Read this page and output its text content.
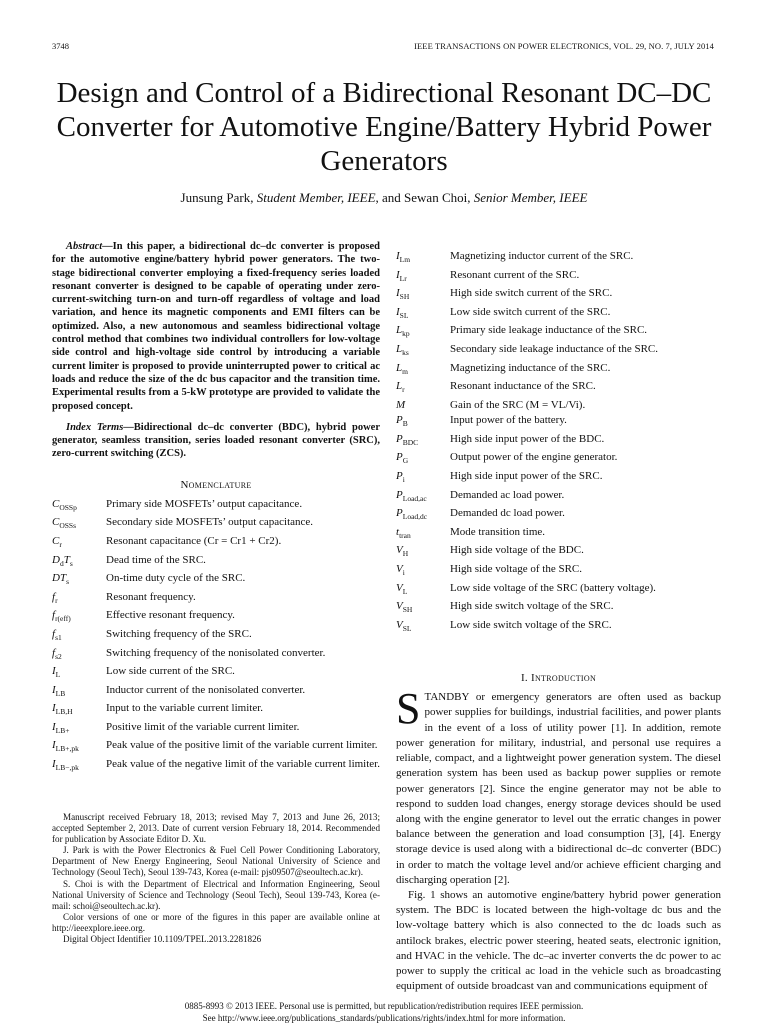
3748	IEEE TRANSACTIONS ON POWER ELECTRONICS, VOL. 29, NO. 7, JULY 2014
Design and Control of a Bidirectional Resonant DC–DC Converter for Automotive Engine/Battery Hybrid Power Generators
Junsung Park, Student Member, IEEE, and Sewan Choi, Senior Member, IEEE

Abstract—In this paper, a bidirectional dc–dc converter is proposed for the automotive engine/battery hybrid power generators. The two-stage bidirectional converter employing a fixed-frequency series loaded resonant converter is designed to be capable of operating under zero-current-switching turn-on and turn-off regardless of voltage and load variation, and hence its magnetic components and EMI filters can be optimized. Also, a new autonomous and seamless bidirectional voltage control method that combines two individual controllers for low-voltage side control and high-voltage side control by introducing a variable current limiter is proposed to provide uninterrupted power to critical ac loads and reduce the size of the dc bus capacitor and the transition time. Experimental results from a 5-kW prototype are provided to validate the proposed concept.

Index Terms—Bidirectional dc–dc converter (BDC), hybrid power generator, seamless transition, series loaded resonant converter (SRC), zero-current switching (ZCS).

Nomenclature
$C_{OSSp}$	Primary side MOSFETs’ output capacitance.
$C_{OSSs}$	Secondary side MOSFETs’ output capacitance.
$C_r$	Resonant capacitance (Cr = Cr1 + Cr2).
$D_dT_s$	Dead time of the SRC.
$DT_s$	On-time duty cycle of the SRC.
$f_r$	Resonant frequency.
$f_{r(eff)}$	Effective resonant frequency.
$f_{s1}$	Switching frequency of the SRC.
$f_{s2}$	Switching frequency of the nonisolated converter.
$I_L$	Low side current of the SRC.
$I_{LB}$	Inductor current of the nonisolated converter.
$I_{LB,H}$	Input to the variable current limiter.
$I_{LB+}$	Positive limit of the variable current limiter.
$I_{LB+,pk}$	Peak value of the positive limit of the variable current limiter.
$I_{LB-,pk}$	Peak value of the negative limit of the variable current limiter.

Manuscript received February 18, 2013; revised May 7, 2013 and June 26, 2013; accepted September 2, 2013. Date of current version February 18, 2014. Recommended for publication by Associate Editor D. Xu.

J. Park is with the Power Electronics & Fuel Cell Power Conditioning Laboratory, Department of New Energy Engineering, Seoul National University of Science and Technology (Seoul Tech), Seoul 139-743, Korea (e-mail: pjs09507@seoultech.ac.kr).

S. Choi is with the Department of Electrical and Information Engineering, Seoul National University of Science and Technology (Seoul Tech), Seoul 139-743, Korea (e-mail: schoi@seoultech.ac.kr).

Color versions of one or more of the figures in this paper are available online at http://ieeexplore.ieee.org.

Digital Object Identifier 10.1109/TPEL.2013.2281826

$I_{Lm}$	Magnetizing inductor current of the SRC.
$I_{Lr}$	Resonant current of the SRC.
$I_{SH}$	High side switch current of the SRC.
$I_{SL}$	Low side switch current of the SRC.
$L_{kp}$	Primary side leakage inductance of the SRC.
$L_{ks}$	Secondary side leakage inductance of the SRC.
$L_m$	Magnetizing inductance of the SRC.
$L_r$	Resonant inductance of the SRC.
M	Gain of the SRC (M = VL/Vi).
$P_B$	Input power of the battery.
$P_{BDC}$	High side input power of the BDC.
$P_G$	Output power of the engine generator.
$P_i$	High side input power of the SRC.
$P_{Load,ac}$	Demanded ac load power.
$P_{Load,dc}$	Demanded dc load power.
$t_{tran}$	Mode transition time.
$V_H$	High side voltage of the BDC.
$V_i$	High side voltage of the SRC.
$V_L$	Low side voltage of the SRC (battery voltage).
$V_{SH}$	High side switch voltage of the SRC.
$V_{SL}$	Low side switch voltage of the SRC.
I. Introduction

STANDBY or emergency generators are often used as backup power supplies for buildings, industrial facilities, and power plants in the event of a loss of utility power [1]. In addition, remote power generation for military, industrial, and personal use requires a reliable, compact, and a lightweight power generation system. The diesel generation system has been used as backup power supplies or remote power generators [2]. Since the engine generator may not be able to respond to sudden load changes, energy storage devices should be used along with the engine generator to level out the erratic changes in power balance between the generation and load consumption [3], [4]. Energy storage device is used along with a bidirectional dc–dc converter (BDC) in order to match the voltage level and/or achieve efficient charging and discharging operation [2].

Fig. 1 shows an automotive engine/battery hybrid power generation system. The BDC is located between the high-voltage dc bus and the low-voltage battery which is also connected to the dc loads such as antilock brakes, electric power steering, heated seats, electronic ignition, and HVAC in the vehicle. The dc–ac inverter converts the dc power to ac power to supply the critical ac load in the vehicle such as broadcasting equipment of outside broadcast van and communications equipment of

0885-8993 © 2013 IEEE. Personal use is permitted, but republication/redistribution requires IEEE permission.
See http://www.ieee.org/publications_standards/publications/rights/index.html for more information.
